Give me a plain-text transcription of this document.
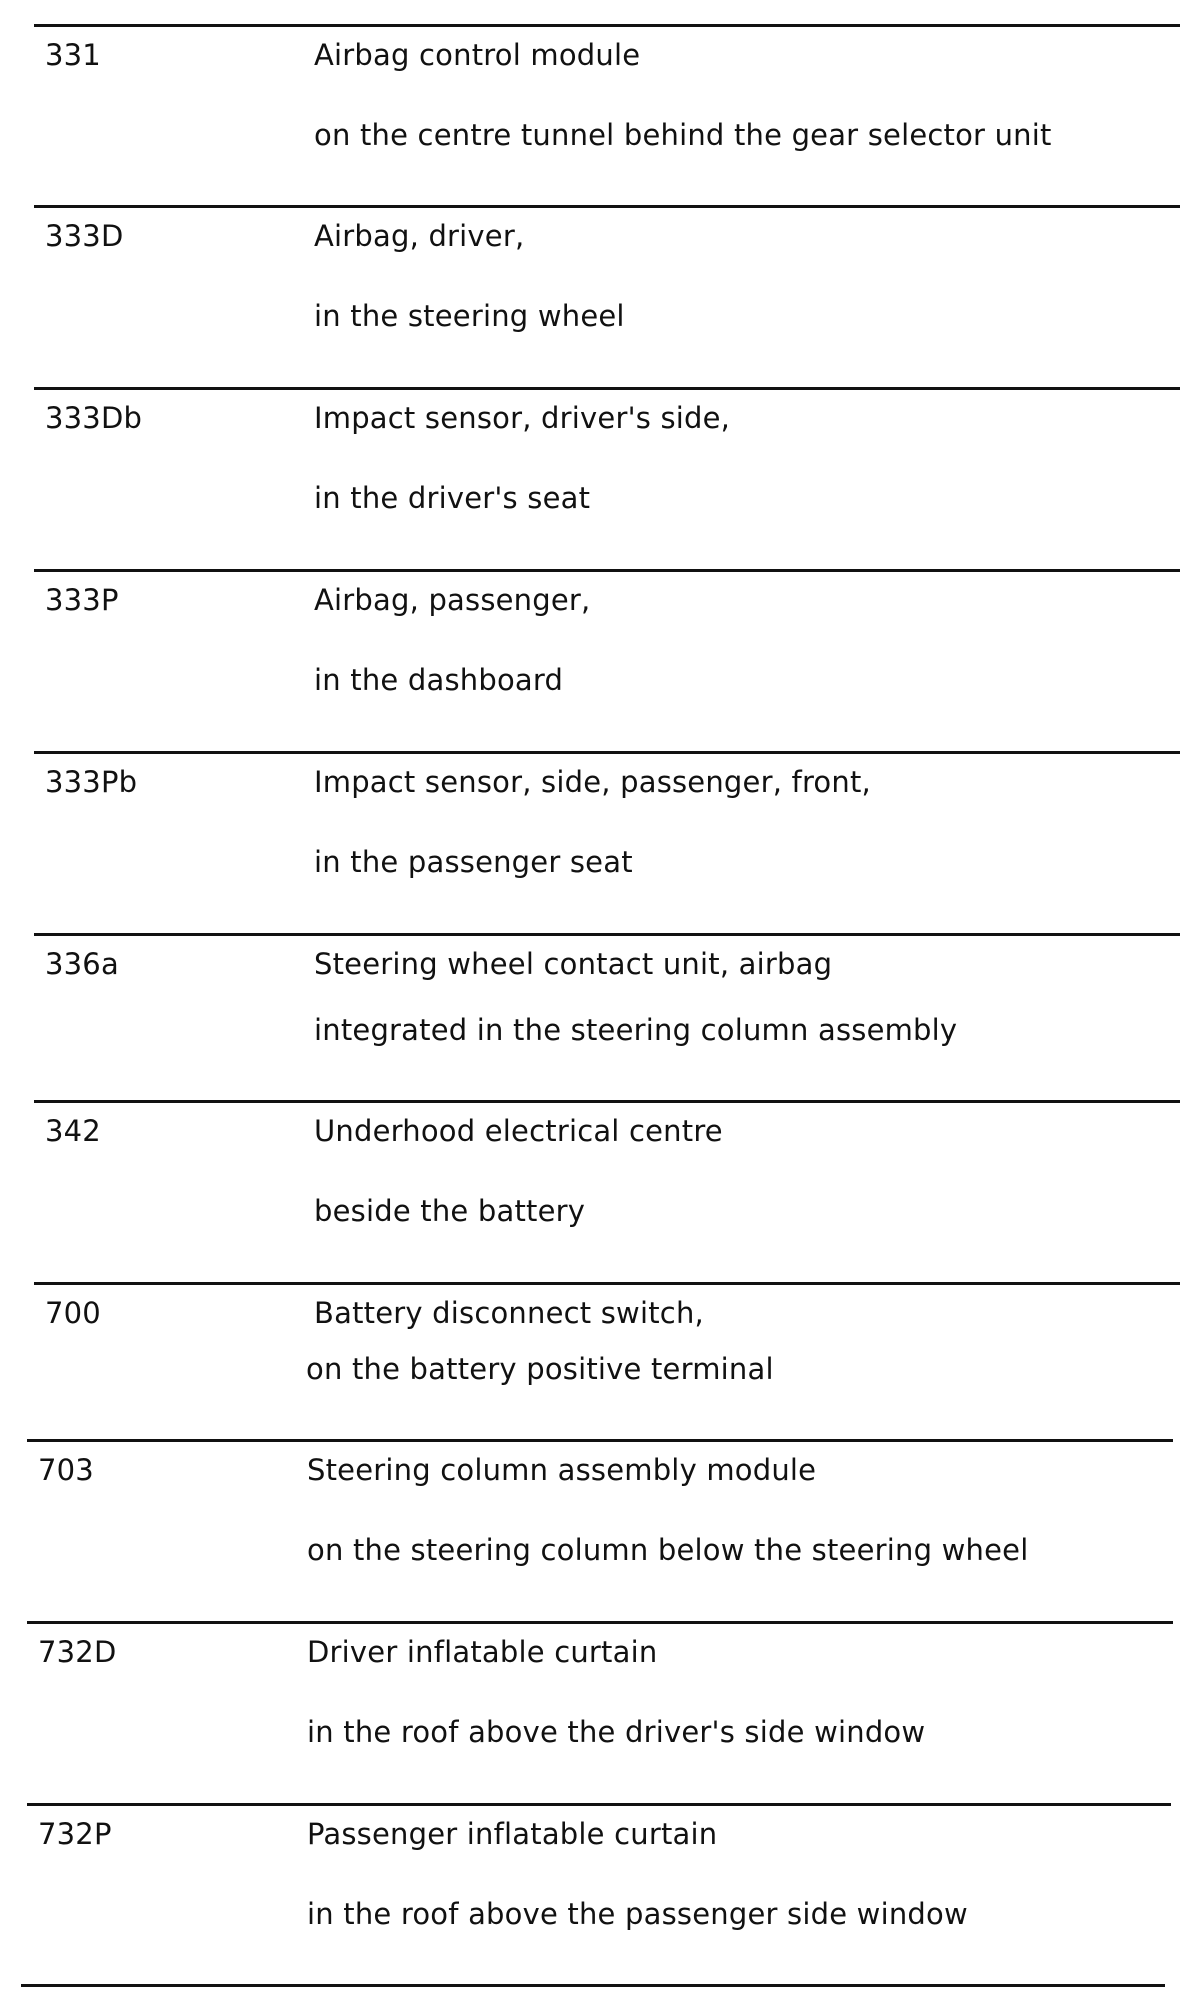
331	Airbag control module
on the centre tunnel behind the gear selector unit
333D	Airbag, driver,
in the steering wheel
333Db	Impact sensor, driver's side,
in the driver's seat
333P	Airbag, passenger,
in the dashboard
333Pb	Impact sensor, side, passenger, front,
in the passenger seat
336a	Steering wheel contact unit, airbag
integrated in the steering column assembly
342	Underhood electrical centre
beside the battery
700	Battery disconnect switch,
on the battery positive terminal
703	Steering column assembly module
on the steering column below the steering wheel
732D	Driver inflatable curtain
in the roof above the driver's side window
732P	Passenger inflatable curtain
in the roof above the passenger side window
